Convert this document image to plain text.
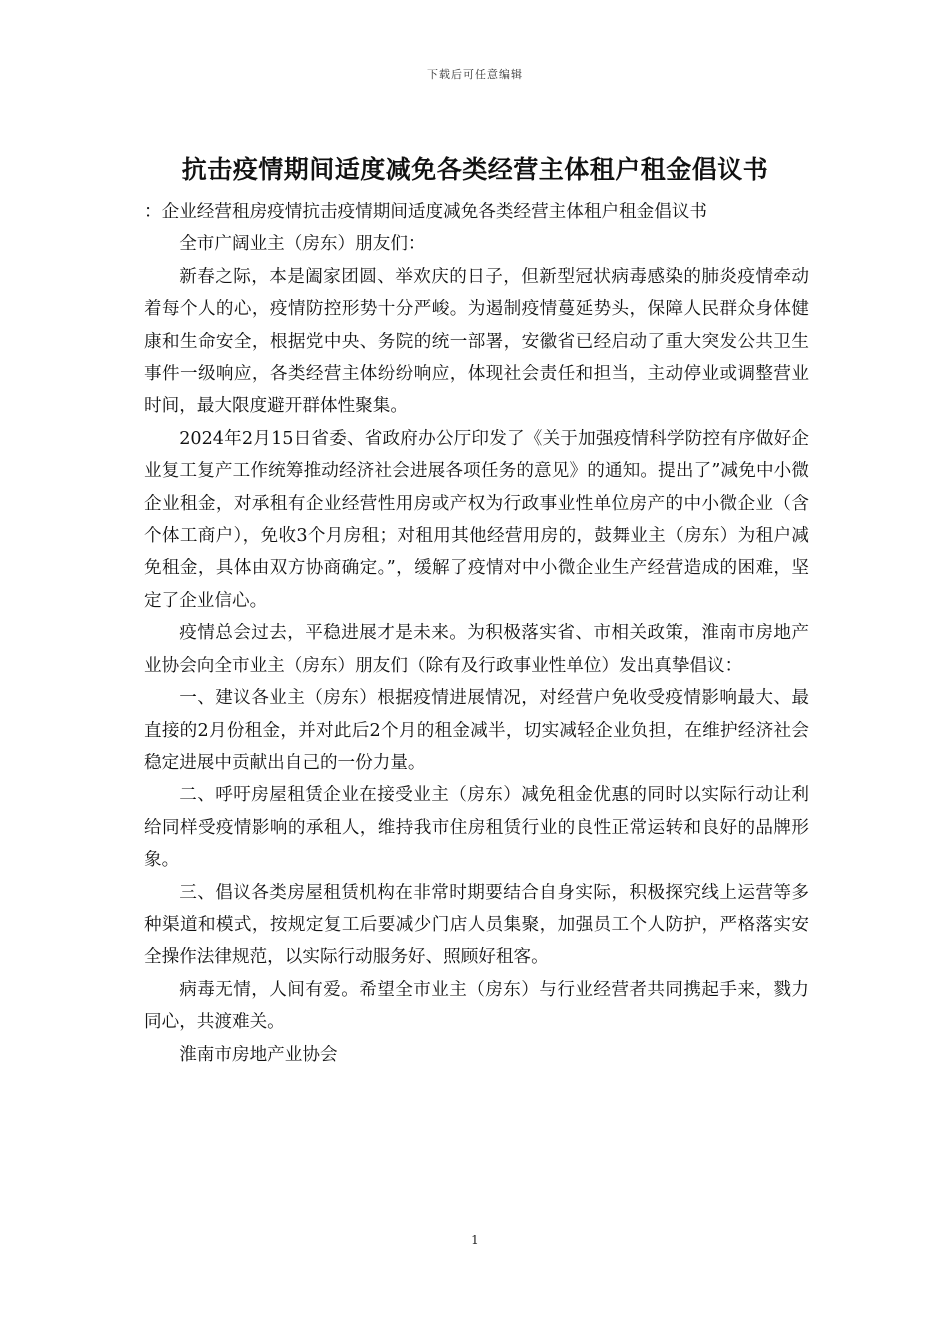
下载后可任意编辑
抗击疫情期间适度减免各类经营主体租户租金倡议书

：企业经营租房疫情抗击疫情期间适度减免各类经营主体租户租金倡议书

全市广阔业主（房东）朋友们：

新春之际，本是阖家团圆、举欢庆的日子，但新型冠状病毒感染的肺炎疫情牵动着每个人的心，疫情防控形势十分严峻。为遏制疫情蔓延势头，保障人民群众身体健康和生命安全，根据党中央、务院的统一部署，安徽省已经启动了重大突发公共卫生事件一级响应，各类经营主体纷纷响应，体现社会责任和担当，主动停业或调整营业时间，最大限度避开群体性聚集。

2024年2月15日省委、省政府办公厅印发了《关于加强疫情科学防控有序做好企业复工复产工作统筹推动经济社会进展各项任务的意见》的通知。提出了”减免中小微企业租金，对承租有企业经营性用房或产权为行政事业性单位房产的中小微企业（含个体工商户），免收3个月房租；对租用其他经营用房的，鼓舞业主（房东）为租户减免租金，具体由双方协商确定。”，缓解了疫情对中小微企业生产经营造成的困难，坚定了企业信心。

疫情总会过去，平稳进展才是未来。为积极落实省、市相关政策，淮南市房地产业协会向全市业主（房东）朋友们（除有及行政事业性单位）发出真挚倡议：

一、建议各业主（房东）根据疫情进展情况，对经营户免收受疫情影响最大、最直接的2月份租金，并对此后2个月的租金减半，切实减轻企业负担，在维护经济社会稳定进展中贡献出自己的一份力量。

二、呼吁房屋租赁企业在接受业主（房东）减免租金优惠的同时以实际行动让利给同样受疫情影响的承租人，维持我市住房租赁行业的良性正常运转和良好的品牌形象。

三、倡议各类房屋租赁机构在非常时期要结合自身实际，积极探究线上运营等多种渠道和模式，按规定复工后要减少门店人员集聚，加强员工个人防护，严格落实安全操作法律规范，以实际行动服务好、照顾好租客。

病毒无情，人间有爱。希望全市业主（房东）与行业经营者共同携起手来，戮力同心，共渡难关。

淮南市房地产业协会

1
